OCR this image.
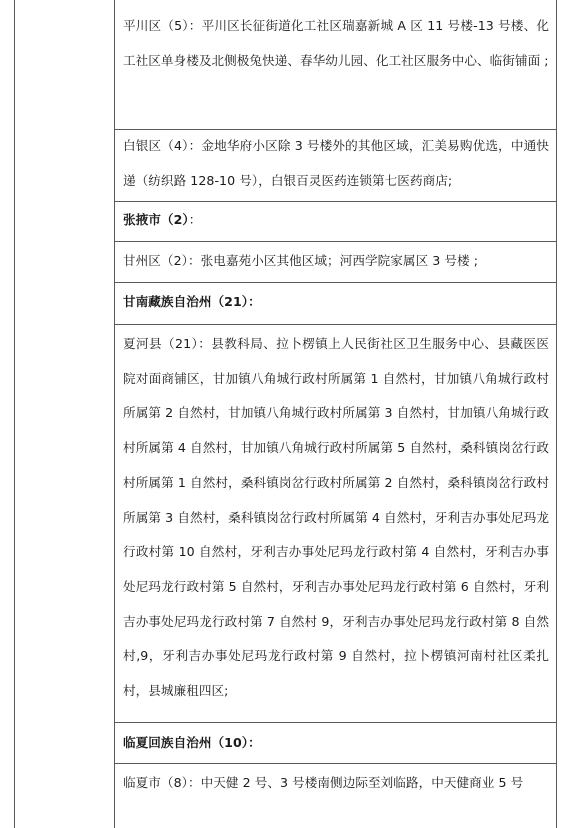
平川区（5）：平川区长征街道化工社区瑞嘉新城 A 区 11 号楼-13 号楼、化工社区单身楼及北侧极兔快递、春华幼儿园、化工社区服务中心、临街铺面 ;
白银区（4）：金地华府小区除 3 号楼外的其他区域，汇美易购优选，中通快递（纺织路 128-10 号），白银百灵医药连锁第七医药商店;
张掖市（2）：
甘州区（2）：张电嘉苑小区其他区域；河西学院家属区 3 号楼 ;
甘南藏族自治州（21）：
夏河县（21）：县教科局、拉卜楞镇上人民街社区卫生服务中心、县藏医医院对面商铺区，甘加镇八角城行政村所属第 1 自然村，甘加镇八角城行政村所属第 2 自然村，甘加镇八角城行政村所属第 3 自然村，甘加镇八角城行政村所属第 4 自然村，甘加镇八角城行政村所属第 5 自然村，桑科镇岗岔行政村所属第 1 自然村，桑科镇岗岔行政村所属第 2 自然村，桑科镇岗岔行政村所属第 3 自然村，桑科镇岗岔行政村所属第 4 自然村，牙利吉办事处尼玛龙行政村第 10 自然村，牙利吉办事处尼玛龙行政村第 4 自然村，牙利吉办事处尼玛龙行政村第 5 自然村，牙利吉办事处尼玛龙行政村第 6 自然村，牙利吉办事处尼玛龙行政村第 7 自然村 9，牙利吉办事处尼玛龙行政村第 8 自然村,9，牙利吉办事处尼玛龙行政村第 9 自然村，拉卜楞镇河南村社区柔扎村，县城廉租四区;
临夏回族自治州（10）：
临夏市（8）：中天健 2 号、3 号楼南侧边际至刘临路，中天健商业 5 号
